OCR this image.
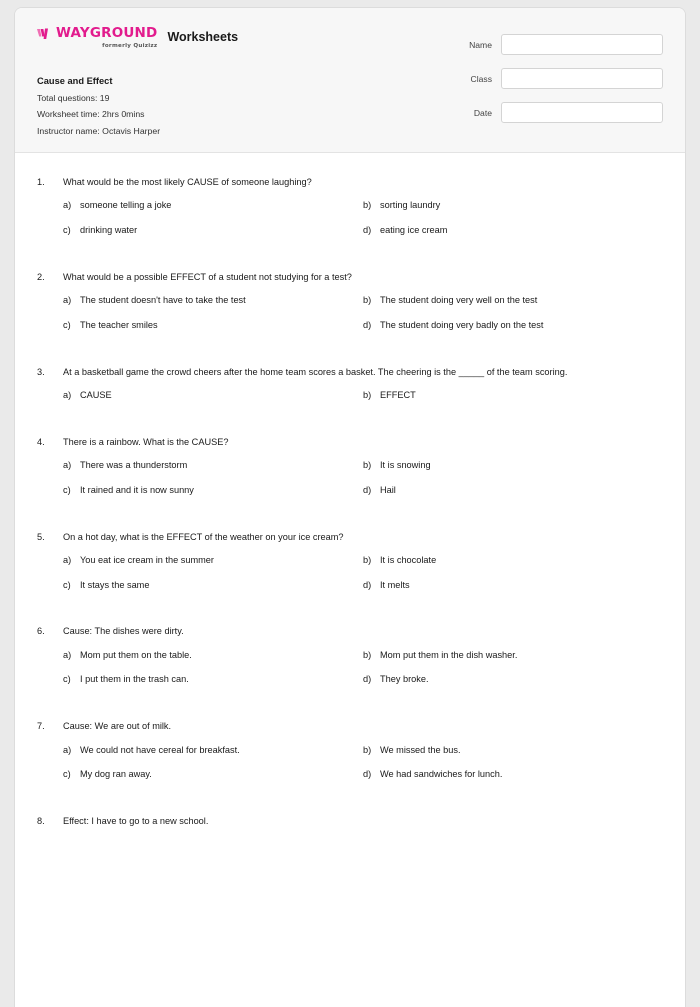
WAYGROUND
formerly Quizizz
Worksheets
Cause and Effect
Total questions: 19
Worksheet time: 2hrs 0mins
Instructor name: Octavis Harper
Name
Class
Date
1.	What would be the most likely CAUSE of someone laughing?
a) someone telling a joke	b) sorting laundry
c)	drinking water	d) eating ice cream
2.	What would be a possible EFFECT of a student not studying for a test?
a) The student doesn't have to take the test	b) The student doing very well on the test
c)	The teacher smiles	d) The student doing very badly on the test
3.	At a basketball game the crowd cheers after the home team scores a basket. The cheering is the _____ of the team scoring.
a) CAUSE	b) EFFECT
4.	There is a rainbow. What is the CAUSE?
a) There was a thunderstorm	b) It is snowing
c)	It rained and it is now sunny	d) Hail
5.	On a hot day, what is the EFFECT of the weather on your ice cream?
a) You eat ice cream in the summer	b) It is chocolate
c)	It stays the same	d) It melts
6.	Cause: The dishes were dirty.
a) Mom put them on the table.	b) Mom put them in the dish washer.
c)	I put them in the trash can.	d) They broke.
7.	Cause: We are out of milk.
a) We could not have cereal for breakfast.	b) We missed the bus.
c)	My dog ran away.	d) We had sandwiches for lunch.
8.	Effect: I have to go to a new school.
